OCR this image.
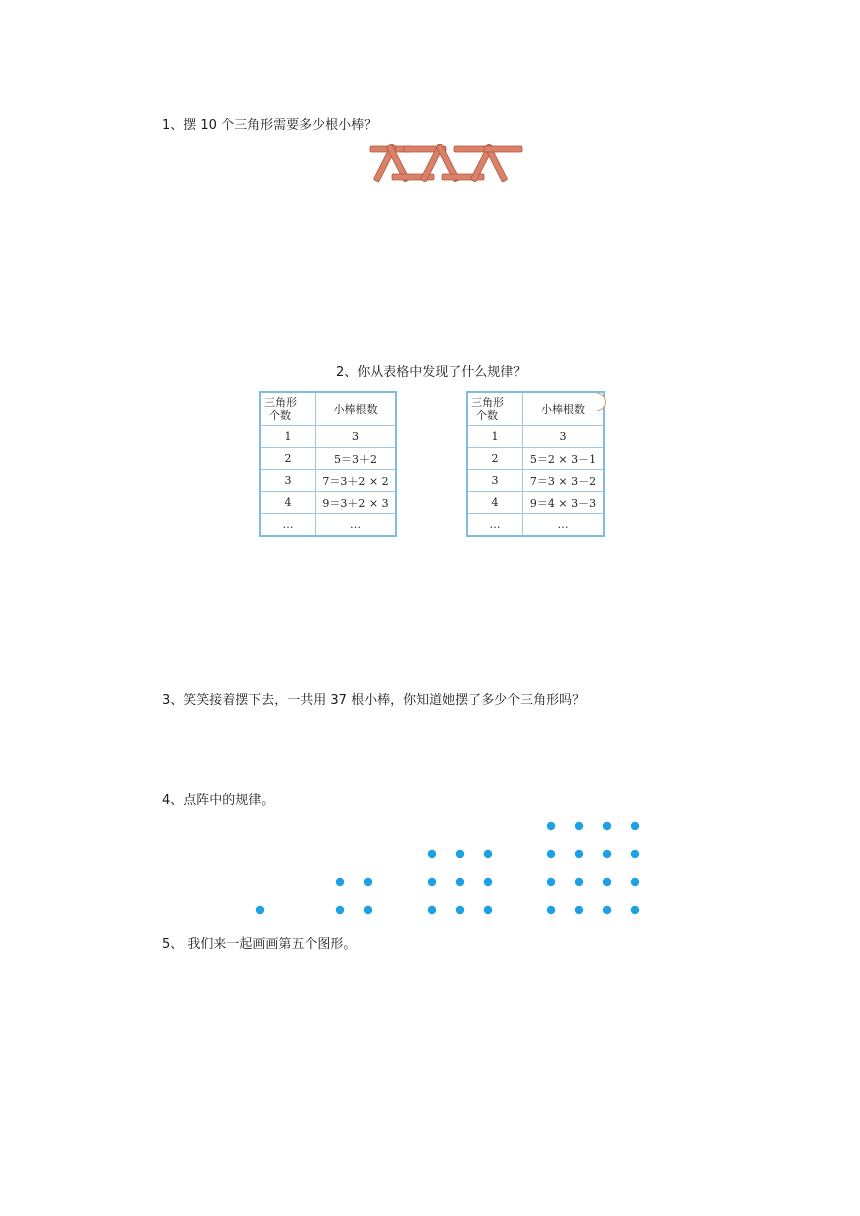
1、摆 10 个三角形需要多少根小棒？
2、你从表格中发现了什么规律？
三角形
个数	小棒根数
1	3
2	5＝3＋2
3	7＝3＋2 × 2
4	9＝3＋2 × 3
…	…
三角形
个数	小棒根数
1	3
2	5＝2 × 3－1
3	7＝3 × 3－2
4	9＝4 × 3－3
…	…
3、笑笑接着摆下去，一共用 37 根小棒，你知道她摆了多少个三角形吗？
4、点阵中的规律。
5、 我们来一起画画第五个图形。
